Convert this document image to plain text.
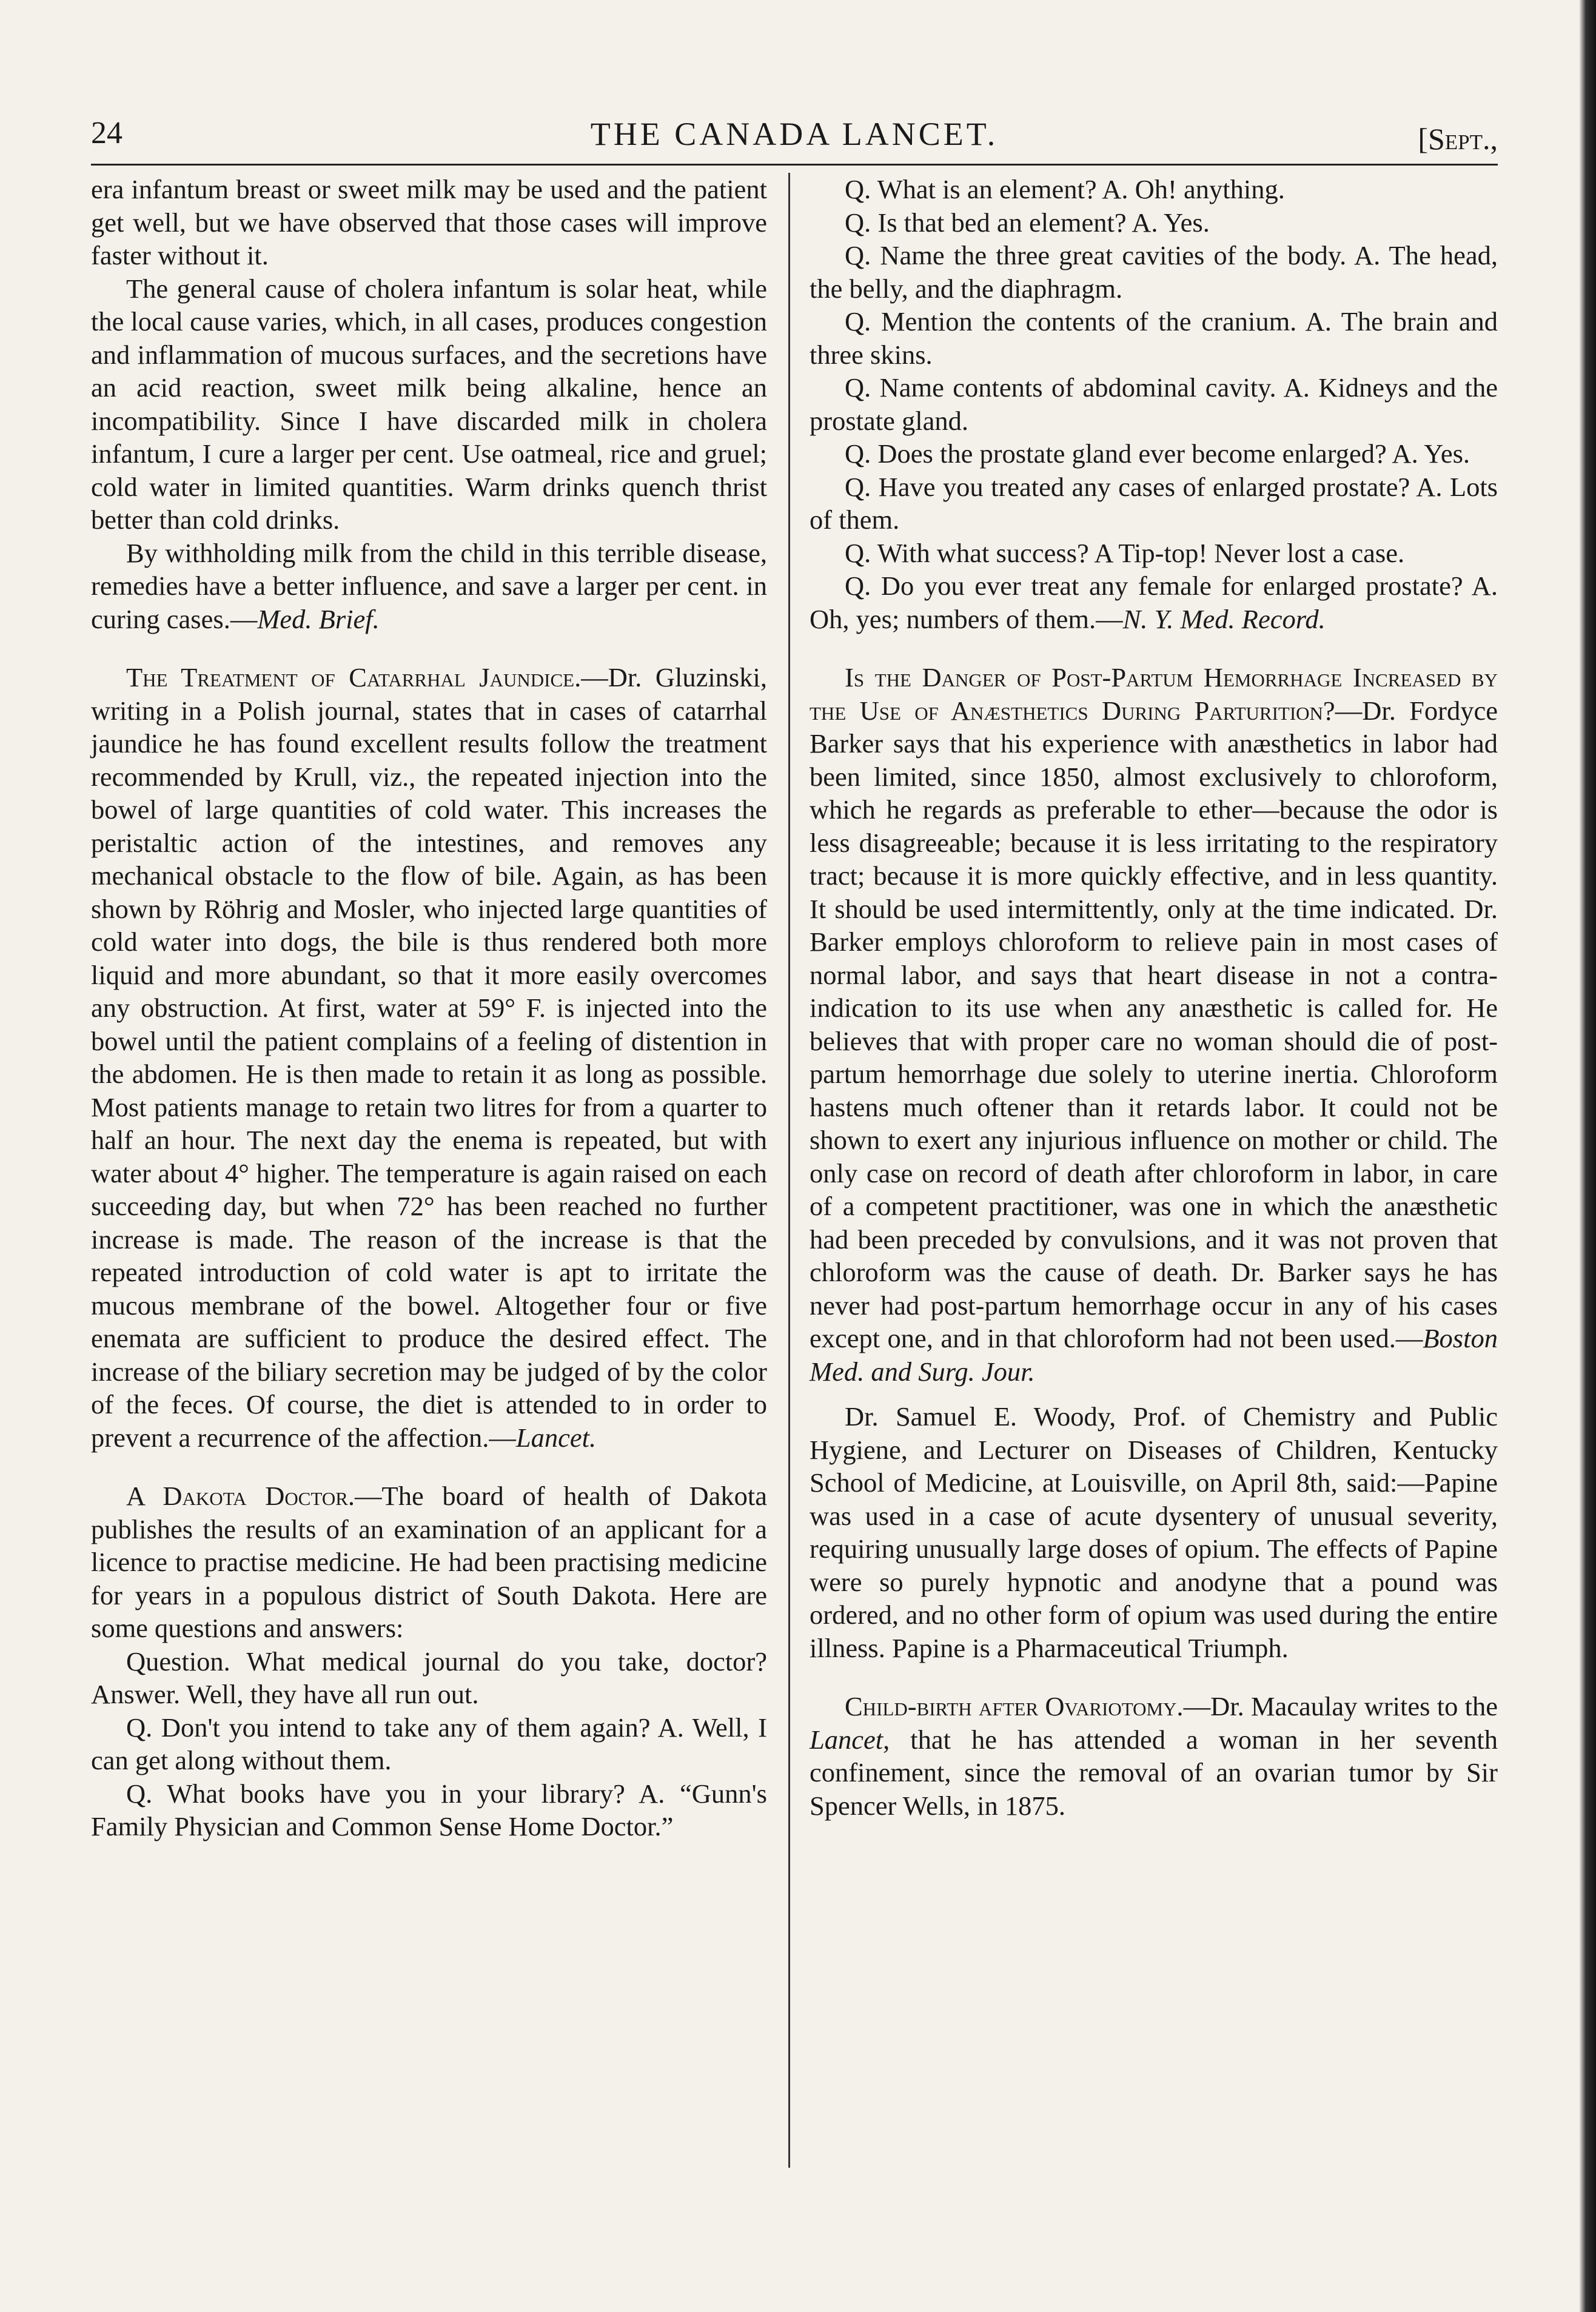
24	THE CANADA LANCET.	[Sept.,

era infantum breast or sweet milk may be used and the patient get well, but we have observed that those cases will improve faster without it.

The general cause of cholera infantum is solar heat, while the local cause varies, which, in all cases, produces congestion and inflammation of mucous surfaces, and the secretions have an acid reaction, sweet milk being alkaline, hence an incompatibility. Since I have discarded milk in cholera infantum, I cure a larger per cent. Use oatmeal, rice and gruel; cold water in limited quantities. Warm drinks quench thrist better than cold drinks.

By withholding milk from the child in this terrible disease, remedies have a better influence, and save a larger per cent. in curing cases.—Med. Brief.

The Treatment of Catarrhal Jaundice.—Dr. Gluzinski, writing in a Polish journal, states that in cases of catarrhal jaundice he has found excellent results follow the treatment recommended by Krull, viz., the repeated injection into the bowel of large quantities of cold water. This increases the peristaltic action of the intestines, and removes any mechanical obstacle to the flow of bile. Again, as has been shown by Röhrig and Mosler, who injected large quantities of cold water into dogs, the bile is thus rendered both more liquid and more abundant, so that it more easily overcomes any obstruction. At first, water at 59° F. is injected into the bowel until the patient complains of a feeling of distention in the abdomen. He is then made to retain it as long as possible. Most patients manage to retain two litres for from a quarter to half an hour. The next day the enema is repeated, but with water about 4° higher. The temperature is again raised on each succeeding day, but when 72° has been reached no further increase is made. The reason of the increase is that the repeated introduction of cold water is apt to irritate the mucous membrane of the bowel. Altogether four or five enemata are sufficient to produce the desired effect. The increase of the biliary secretion may be judged of by the color of the feces. Of course, the diet is attended to in order to prevent a recurrence of the affection.—Lancet.

A Dakota Doctor.—The board of health of Dakota publishes the results of an examination of an applicant for a licence to practise medicine. He had been practising medicine for years in a populous district of South Dakota. Here are some questions and answers:

Question. What medical journal do you take, doctor? Answer. Well, they have all run out.

Q. Don't you intend to take any of them again? A. Well, I can get along without them.

Q. What books have you in your library? A. “Gunn's Family Physician and Common Sense Home Doctor.”

Q. What is an element? A. Oh! anything.

Q. Is that bed an element? A. Yes.

Q. Name the three great cavities of the body. A. The head, the belly, and the diaphragm.

Q. Mention the contents of the cranium. A. The brain and three skins.

Q. Name contents of abdominal cavity. A. Kidneys and the prostate gland.

Q. Does the prostate gland ever become enlarged? A. Yes.

Q. Have you treated any cases of enlarged prostate? A. Lots of them.

Q. With what success? A Tip-top! Never lost a case.

Q. Do you ever treat any female for enlarged prostate? A. Oh, yes; numbers of them.—N. Y. Med. Record.

Is the Danger of Post-Partum Hemorrhage Increased by the Use of Anæsthetics During Parturition?—Dr. Fordyce Barker says that his experience with anæsthetics in labor had been limited, since 1850, almost exclusively to chloroform, which he regards as preferable to ether—because the odor is less disagreeable; because it is less irritating to the respiratory tract; because it is more quickly effective, and in less quantity. It should be used intermittently, only at the time indicated. Dr. Barker employs chloroform to relieve pain in most cases of normal labor, and says that heart disease in not a contra-indication to its use when any anæsthetic is called for. He believes that with proper care no woman should die of post-partum hemorrhage due solely to uterine inertia. Chloroform hastens much oftener than it retards labor. It could not be shown to exert any injurious influence on mother or child. The only case on record of death after chloroform in labor, in care of a competent practitioner, was one in which the anæsthetic had been preceded by convulsions, and it was not proven that chloroform was the cause of death. Dr. Barker says he has never had post-partum hemorrhage occur in any of his cases except one, and in that chloroform had not been used.—Boston Med. and Surg. Jour.

Dr. Samuel E. Woody, Prof. of Chemistry and Public Hygiene, and Lecturer on Diseases of Children, Kentucky School of Medicine, at Louisville, on April 8th, said:—Papine was used in a case of acute dysentery of unusual severity, requiring unusually large doses of opium. The effects of Papine were so purely hypnotic and anodyne that a pound was ordered, and no other form of opium was used during the entire illness. Papine is a Pharmaceutical Triumph.

Child-birth after Ovariotomy.—Dr. Macaulay writes to the Lancet, that he has attended a woman in her seventh confinement, since the removal of an ovarian tumor by Sir Spencer Wells, in 1875.
